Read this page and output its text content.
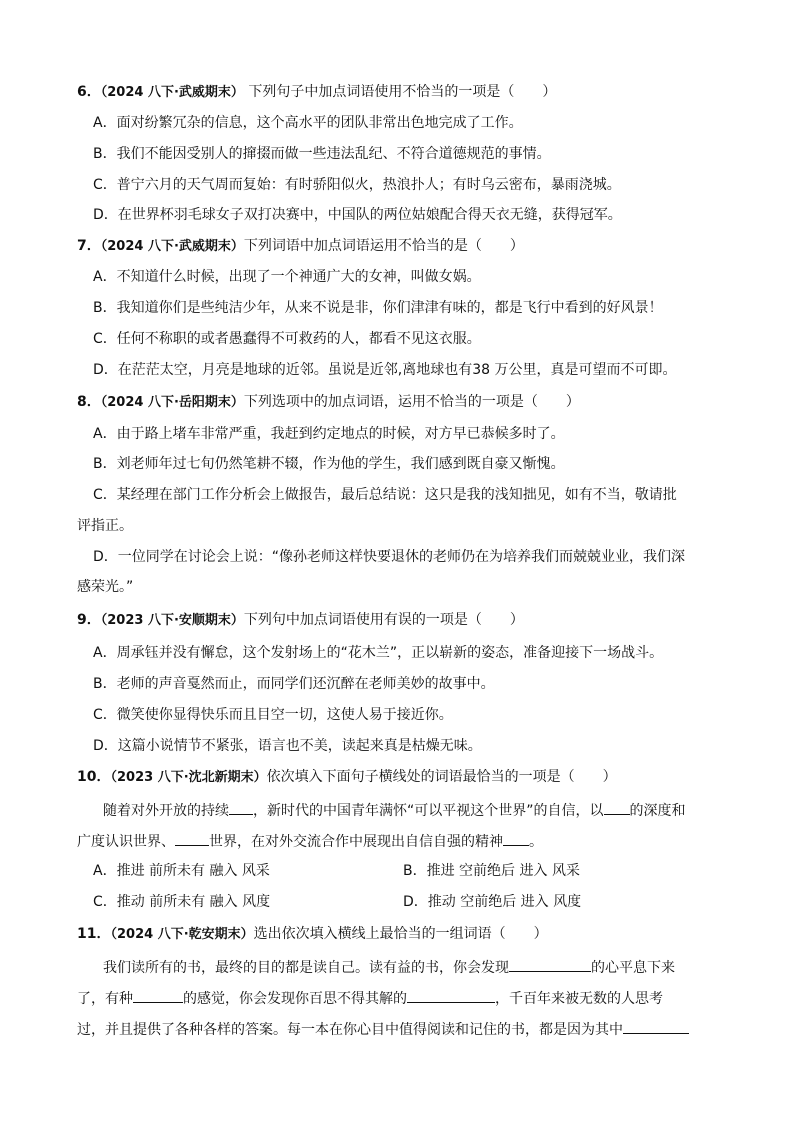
6．（2024 八下·武威期末） 下列句子中加点词语使用不恰当的一项是（　　）
A．面对纷繁冗杂的信息，这个高水平的团队非常出色地完成了工作。
B．我们不能因受别人的撺掇而做一些违法乱纪、不符合道德规范的事情。
C．普宁六月的天气周而复始：有时骄阳似火，热浪扑人；有时乌云密布，暴雨浇城。
D．在世界杯羽毛球女子双打决赛中，中国队的两位姑娘配合得天衣无缝，获得冠军。
7．（2024 八下·武威期末）下列词语中加点词语运用不恰当的是（　　）
A．不知道什么时候，出现了一个神通广大的女神，叫做女娲。
B．我知道你们是些纯洁少年，从来不说是非，你们津津有味的，都是飞行中看到的好风景！
C．任何不称职的或者愚蠢得不可救药的人，都看不见这衣服。
D．在茫茫太空，月亮是地球的近邻。虽说是近邻,离地球也有38 万公里，真是可望而不可即。
8．（2024 八下·岳阳期末）下列选项中的加点词语，运用不恰当的一项是（　　）
A．由于路上堵车非常严重，我赶到约定地点的时候，对方早已恭候多时了。
B．刘老师年过七旬仍然笔耕不辍，作为他的学生，我们感到既自豪又惭愧。
C．某经理在部门工作分析会上做报告，最后总结说：这只是我的浅知拙见，如有不当，敬请批
评指正。
D．一位同学在讨论会上说：“像孙老师这样快要退休的老师仍在为培养我们而兢兢业业，我们深
感荣光。”
9．（2023 八下·安顺期末）下列句中加点词语使用有误的一项是（　　）
A．周承钰并没有懈怠，这个发射场上的“花木兰”，正以崭新的姿态，准备迎接下一场战斗。
B．老师的声音戛然而止，而同学们还沉醉在老师美妙的故事中。
C．微笑使你显得快乐而且目空一切，这使人易于接近你。
D．这篇小说情节不紧张，语言也不美，读起来真是枯燥无味。
10．（2023 八下·沈北新期末）依次填入下面句子横线处的词语最恰当的一项是（　　）
随着对外开放的持续 ，新时代的中国青年满怀“可以平视这个世界”的自信，以 的深度和
广度认识世界、 世界，在对外交流合作中展现出自信自强的精神 。
A．推进 前所未有 融入 风采	B．推进 空前绝后 进入 风采
C．推动 前所未有 融入 风度	D．推动 空前绝后 进入 风度
11．（2024 八下·乾安期末）选出依次填入横线上最恰当的一组词语（　　）
我们读所有的书，最终的目的都是读自己。读有益的书，你会发现	的心平息下来
了，有种	的感觉，你会发现你百思不得其解的	，千百年来被无数的人思考
过，并且提供了各种各样的答案。每一本在你心目中值得阅读和记住的书，都是因为其中
